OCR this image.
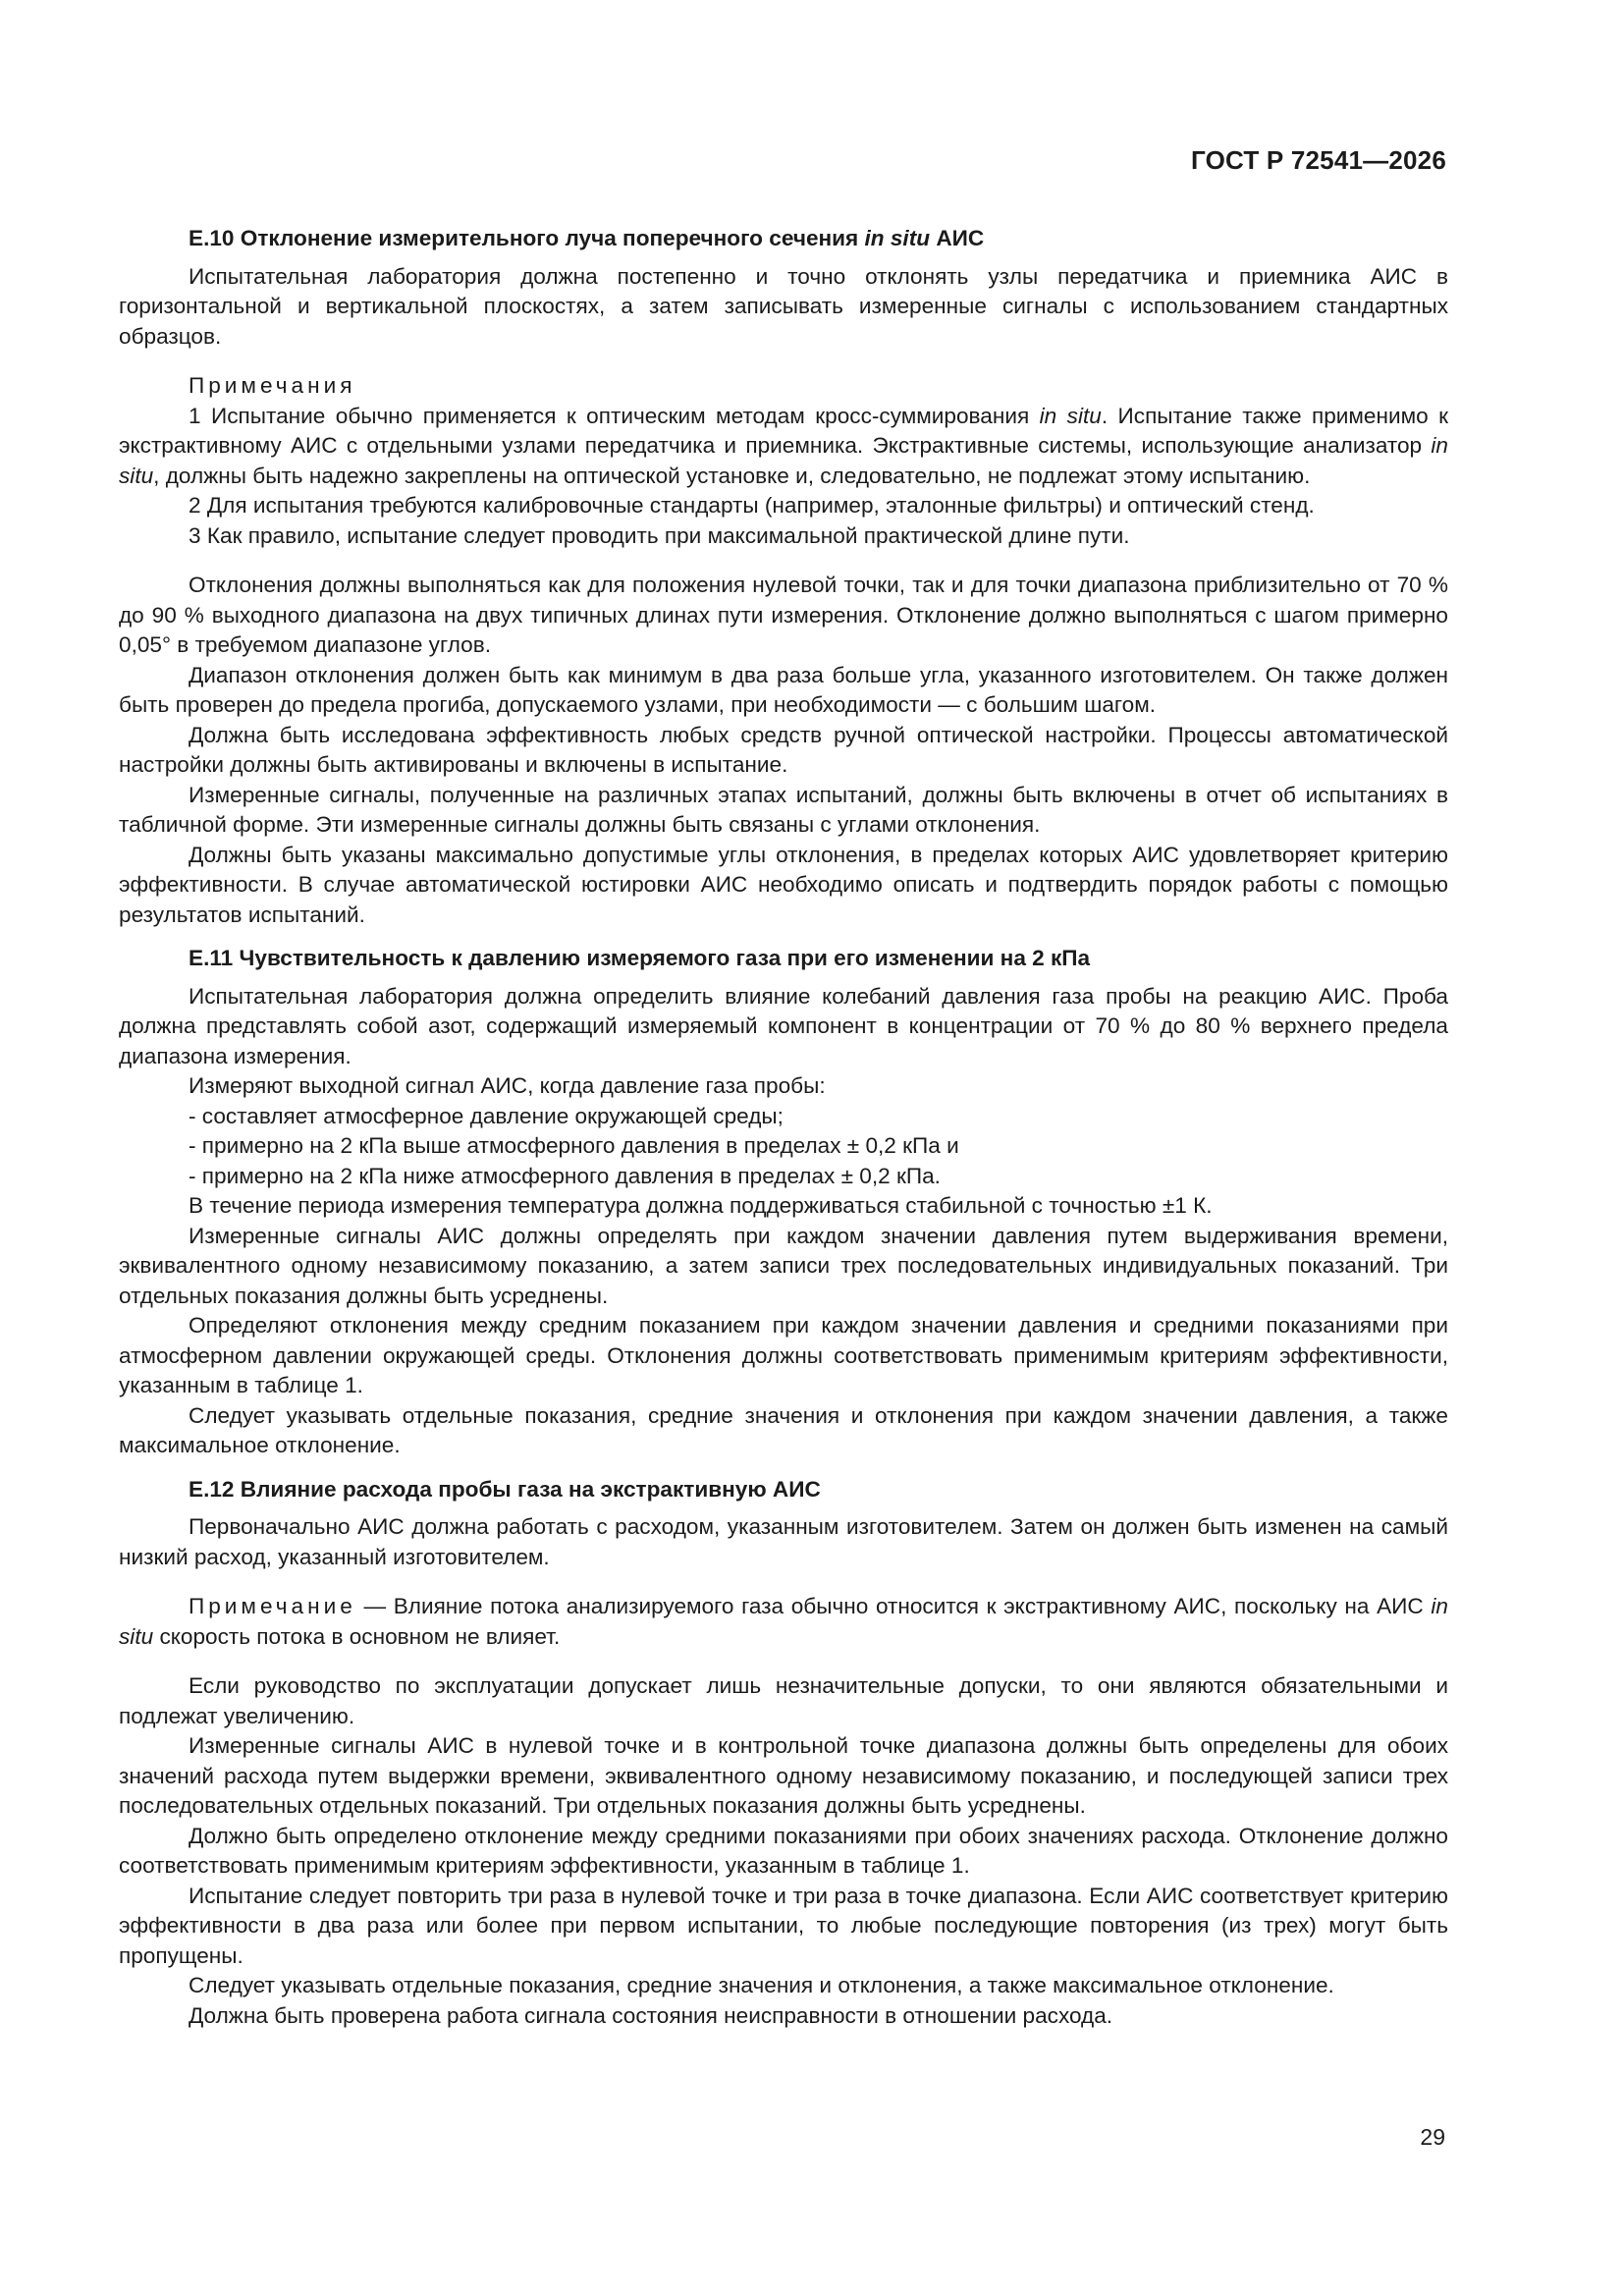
ГОСТ Р 72541—2026

Е.10 Отклонение измерительного луча поперечного сечения in situ АИС

Испытательная лаборатория должна постепенно и точно отклонять узлы передатчика и приемника АИС в горизонтальной и вертикальной плоскостях, а затем записывать измеренные сигналы с использованием стандартных образцов.

Примечания

1 Испытание обычно применяется к оптическим методам кросс-суммирования in situ. Испытание также применимо к экстрактивному АИС с отдельными узлами передатчика и приемника. Экстрактивные системы, использующие анализатор in situ, должны быть надежно закреплены на оптической установке и, следовательно, не подлежат этому испытанию.

2 Для испытания требуются калибровочные стандарты (например, эталонные фильтры) и оптический стенд.

3 Как правило, испытание следует проводить при максимальной практической длине пути.

Отклонения должны выполняться как для положения нулевой точки, так и для точки диапазона приблизительно от 70 % до 90 % выходного диапазона на двух типичных длинах пути измерения. Отклонение должно выполняться с шагом примерно 0,05° в требуемом диапазоне углов.

Диапазон отклонения должен быть как минимум в два раза больше угла, указанного изготовителем. Он также должен быть проверен до предела прогиба, допускаемого узлами, при необходимости — с большим шагом.

Должна быть исследована эффективность любых средств ручной оптической настройки. Процессы автоматической настройки должны быть активированы и включены в испытание.

Измеренные сигналы, полученные на различных этапах испытаний, должны быть включены в отчет об испытаниях в табличной форме. Эти измеренные сигналы должны быть связаны с углами отклонения.

Должны быть указаны максимально допустимые углы отклонения, в пределах которых АИС удовлетворяет критерию эффективности. В случае автоматической юстировки АИС необходимо описать и подтвердить порядок работы с помощью результатов испытаний.

Е.11 Чувствительность к давлению измеряемого газа при его изменении на 2 кПа

Испытательная лаборатория должна определить влияние колебаний давления газа пробы на реакцию АИС. Проба должна представлять собой азот, содержащий измеряемый компонент в концентрации от 70 % до 80 % верхнего предела диапазона измерения.

Измеряют выходной сигнал АИС, когда давление газа пробы:

- составляет атмосферное давление окружающей среды;

- примерно на 2 кПа выше атмосферного давления в пределах ± 0,2 кПа и

- примерно на 2 кПа ниже атмосферного давления в пределах ± 0,2 кПа.

В течение периода измерения температура должна поддерживаться стабильной с точностью ±1 К.

Измеренные сигналы АИС должны определять при каждом значении давления путем выдерживания времени, эквивалентного одному независимому показанию, а затем записи трех последовательных индивидуальных показаний. Три отдельных показания должны быть усреднены.

Определяют отклонения между средним показанием при каждом значении давления и средними показаниями при атмосферном давлении окружающей среды. Отклонения должны соответствовать применимым критериям эффективности, указанным в таблице 1.

Следует указывать отдельные показания, средние значения и отклонения при каждом значении давления, а также максимальное отклонение.

Е.12 Влияние расхода пробы газа на экстрактивную АИС

Первоначально АИС должна работать с расходом, указанным изготовителем. Затем он должен быть изменен на самый низкий расход, указанный изготовителем.

Примечание — Влияние потока анализируемого газа обычно относится к экстрактивному АИС, поскольку на АИС in situ скорость потока в основном не влияет.

Если руководство по эксплуатации допускает лишь незначительные допуски, то они являются обязательными и подлежат увеличению.

Измеренные сигналы АИС в нулевой точке и в контрольной точке диапазона должны быть определены для обоих значений расхода путем выдержки времени, эквивалентного одному независимому показанию, и последующей записи трех последовательных отдельных показаний. Три отдельных показания должны быть усреднены.

Должно быть определено отклонение между средними показаниями при обоих значениях расхода. Отклонение должно соответствовать применимым критериям эффективности, указанным в таблице 1.

Испытание следует повторить три раза в нулевой точке и три раза в точке диапазона. Если АИС соответствует критерию эффективности в два раза или более при первом испытании, то любые последующие повторения (из трех) могут быть пропущены.

Следует указывать отдельные показания, средние значения и отклонения, а также максимальное отклонение.

Должна быть проверена работа сигнала состояния неисправности в отношении расхода.

29
